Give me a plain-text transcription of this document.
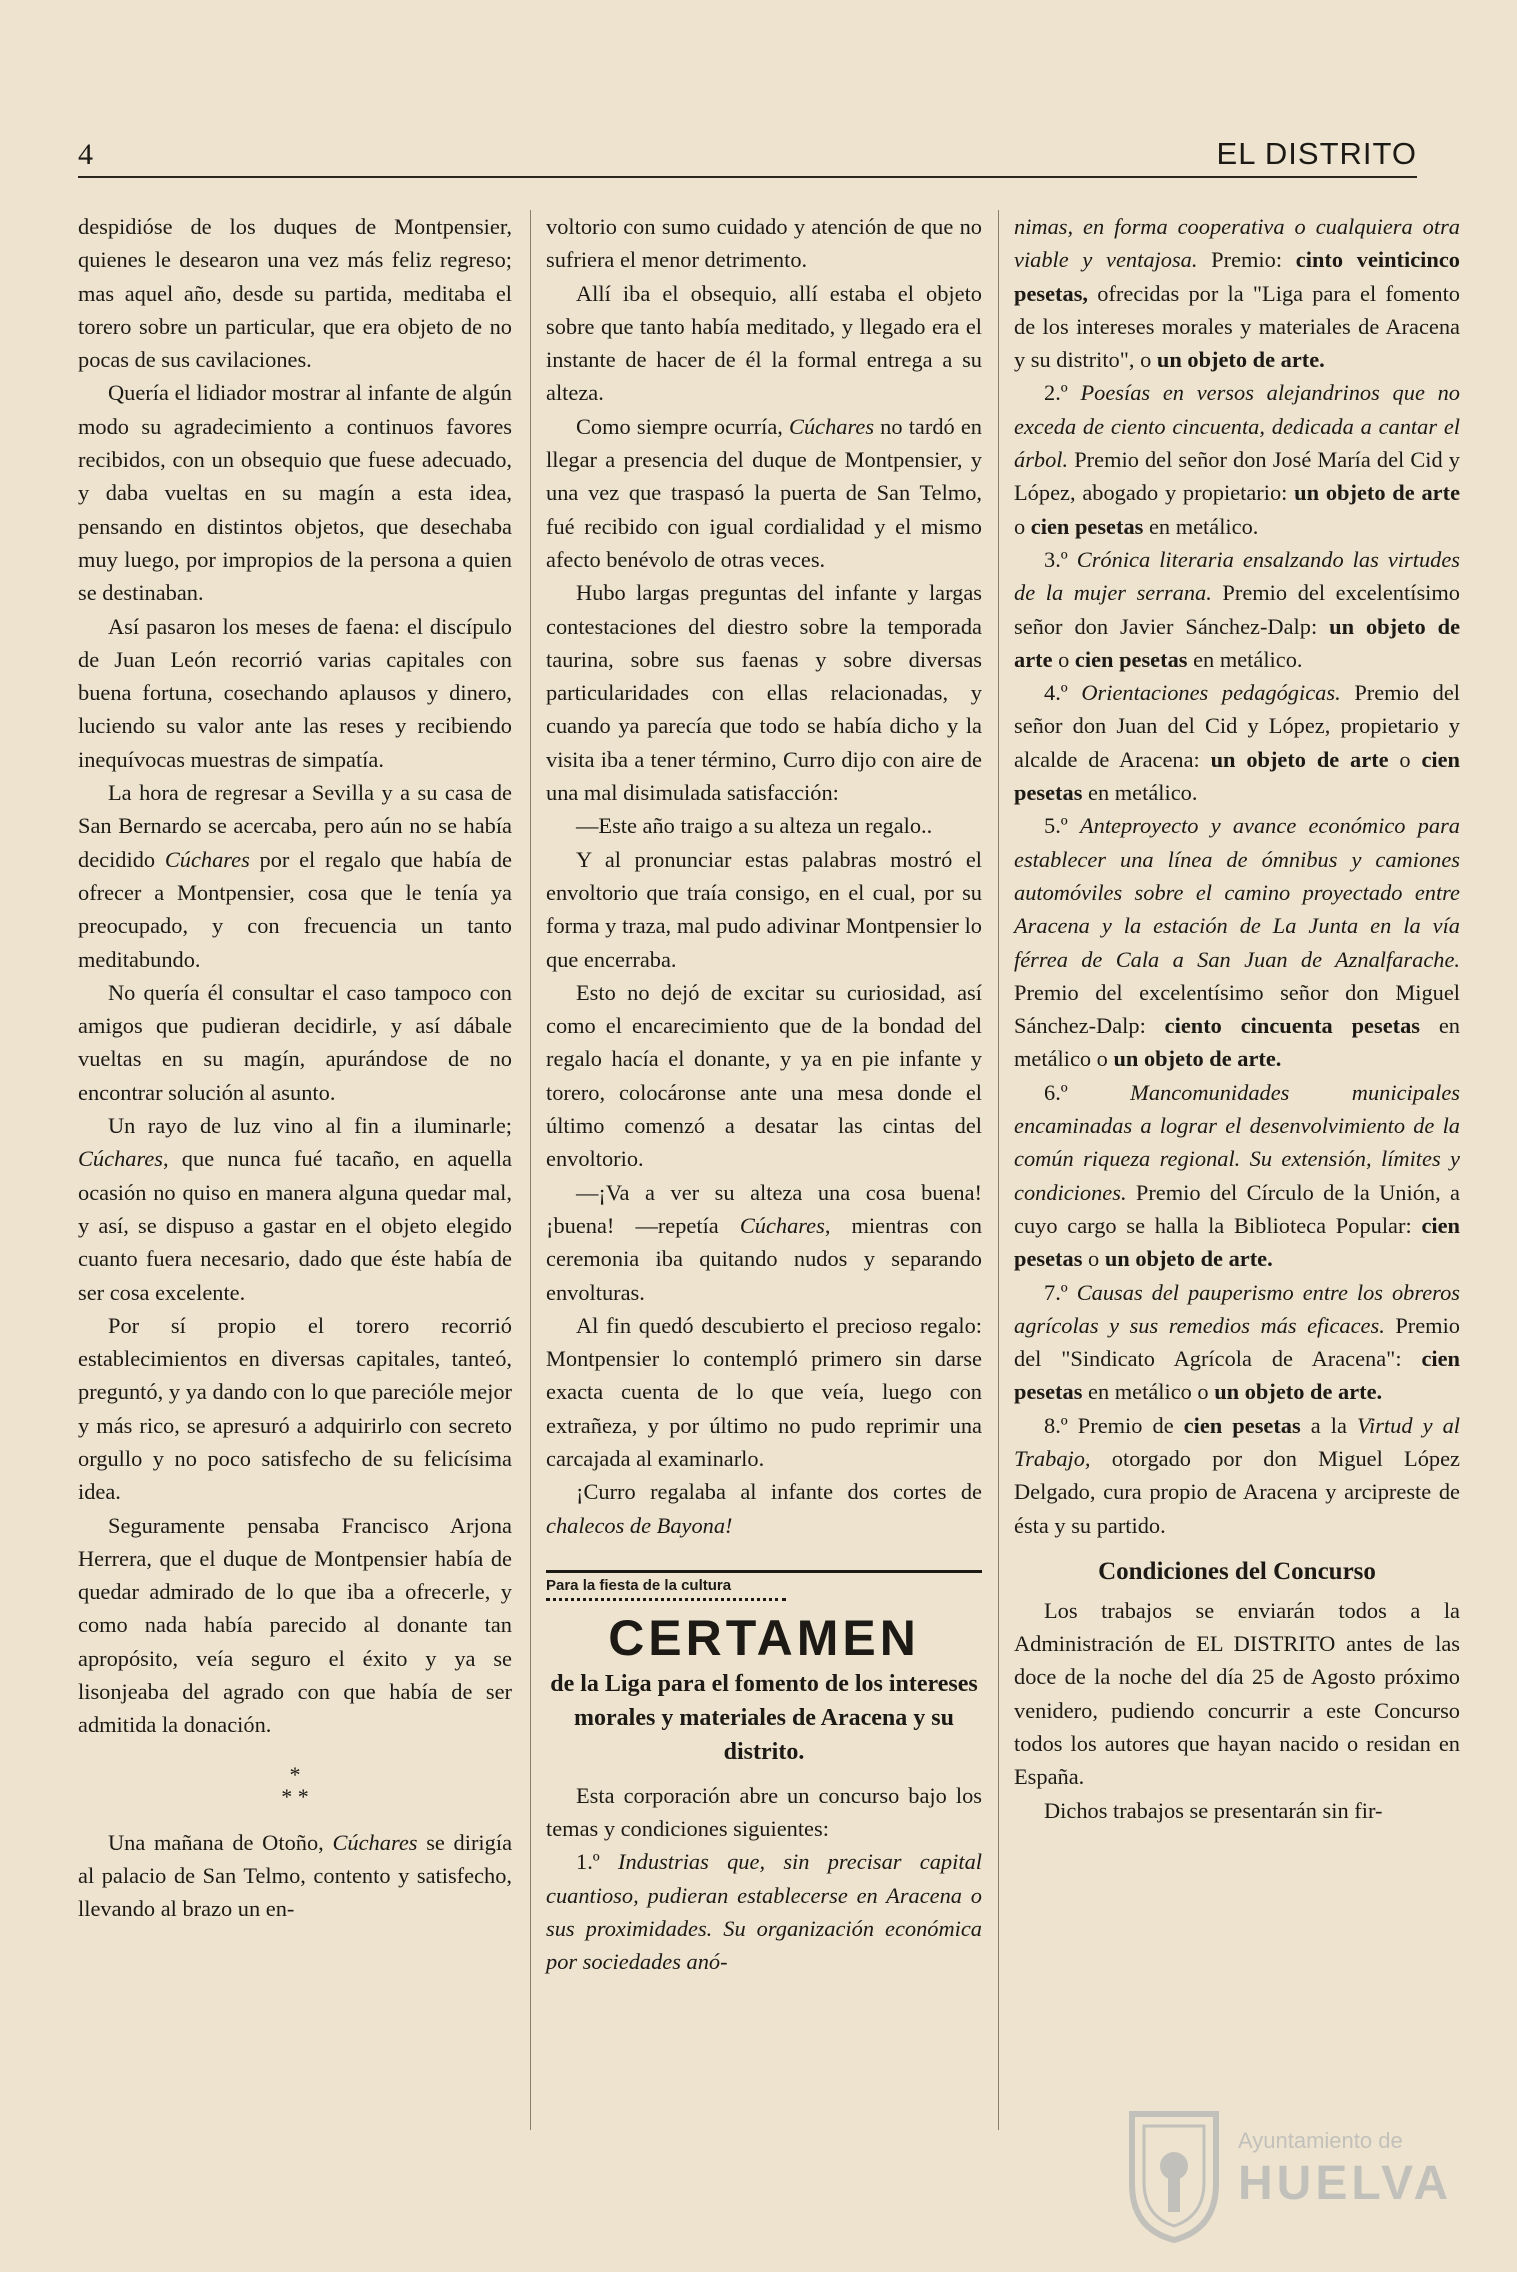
4	EL DISTRITO

despidióse de los duques de Montpensier, quienes le desearon una vez más feliz regreso; mas aquel año, desde su partida, meditaba el torero sobre un particular, que era objeto de no pocas de sus cavilaciones.

Quería el lidiador mostrar al infante de algún modo su agradecimiento a continuos favores recibidos, con un obsequio que fuese adecuado, y daba vueltas en su magín a esta idea, pensando en distintos objetos, que desechaba muy luego, por impropios de la persona a quien se destinaban.

Así pasaron los meses de faena: el discípulo de Juan León recorrió varias capitales con buena fortuna, cosechando aplausos y dinero, luciendo su valor ante las reses y recibiendo inequívocas muestras de simpatía.

La hora de regresar a Sevilla y a su casa de San Bernardo se acercaba, pero aún no se había decidido Cúchares por el regalo que había de ofrecer a Montpensier, cosa que le tenía ya preocupado, y con frecuencia un tanto meditabundo.

No quería él consultar el caso tampoco con amigos que pudieran decidirle, y así dábale vueltas en su magín, apurándose de no encontrar solución al asunto.

Un rayo de luz vino al fin a iluminarle; Cúchares, que nunca fué tacaño, en aquella ocasión no quiso en manera alguna quedar mal, y así, se dispuso a gastar en el objeto elegido cuanto fuera necesario, dado que éste había de ser cosa excelente.

Por sí propio el torero recorrió establecimientos en diversas capitales, tanteó, preguntó, y ya dando con lo que parecióle mejor y más rico, se apresuró a adquirirlo con secreto orgullo y no poco satisfecho de su felicísima idea.

Seguramente pensaba Francisco Arjona Herrera, que el duque de Montpensier había de quedar admirado de lo que iba a ofrecerle, y como nada había parecido al donante tan apropósito, veía seguro el éxito y ya se lisonjeaba del agrado con que había de ser admitida la donación.

*
* *

Una mañana de Otoño, Cúchares se dirigía al palacio de San Telmo, contento y satisfecho, llevando al brazo un en-

voltorio con sumo cuidado y atención de que no sufriera el menor detrimento.

Allí iba el obsequio, allí estaba el objeto sobre que tanto había meditado, y llegado era el instante de hacer de él la formal entrega a su alteza.

Como siempre ocurría, Cúchares no tardó en llegar a presencia del duque de Montpensier, y una vez que traspasó la puerta de San Telmo, fué recibido con igual cordialidad y el mismo afecto benévolo de otras veces.

Hubo largas preguntas del infante y largas contestaciones del diestro sobre la temporada taurina, sobre sus faenas y sobre diversas particularidades con ellas relacionadas, y cuando ya parecía que todo se había dicho y la visita iba a tener término, Curro dijo con aire de una mal disimulada satisfacción:

—Este año traigo a su alteza un regalo..

Y al pronunciar estas palabras mostró el envoltorio que traía consigo, en el cual, por su forma y traza, mal pudo adivinar Montpensier lo que encerraba.

Esto no dejó de excitar su curiosidad, así como el encarecimiento que de la bondad del regalo hacía el donante, y ya en pie infante y torero, colocáronse ante una mesa donde el último comenzó a desatar las cintas del envoltorio.

—¡Va a ver su alteza una cosa buena! ¡buena! —repetía Cúchares, mientras con ceremonia iba quitando nudos y separando envolturas.

Al fin quedó descubierto el precioso regalo: Montpensier lo contempló primero sin darse exacta cuenta de lo que veía, luego con extrañeza, y por último no pudo reprimir una carcajada al examinarlo.

¡Curro regalaba al infante dos cortes de chalecos de Bayona!

Para la fiesta de la cultura
CERTAMEN
de la Liga para el fomento de los intereses morales y materiales de Aracena y su distrito.

Esta corporación abre un concurso bajo los temas y condiciones siguientes:

1.º Industrias que, sin precisar capital cuantioso, pudieran establecerse en Aracena o sus proximidades. Su organización económica por sociedades anó-

nimas, en forma cooperativa o cualquiera otra viable y ventajosa. Premio: cinto veinticinco pesetas, ofrecidas por la "Liga para el fomento de los intereses morales y materiales de Aracena y su distrito", o un objeto de arte.

2.º Poesías en versos alejandrinos que no exceda de ciento cincuenta, dedicada a cantar el árbol. Premio del señor don José María del Cid y López, abogado y propietario: un objeto de arte o cien pesetas en metálico.

3.º Crónica literaria ensalzando las virtudes de la mujer serrana. Premio del excelentísimo señor don Javier Sánchez-Dalp: un objeto de arte o cien pesetas en metálico.

4.º Orientaciones pedagógicas. Premio del señor don Juan del Cid y López, propietario y alcalde de Aracena: un objeto de arte o cien pesetas en metálico.

5.º Anteproyecto y avance económico para establecer una línea de ómnibus y camiones automóviles sobre el camino proyectado entre Aracena y la estación de La Junta en la vía férrea de Cala a San Juan de Aznalfarache. Premio del excelentísimo señor don Miguel Sánchez-Dalp: ciento cincuenta pesetas en metálico o un objeto de arte.

6.º Mancomunidades municipales encaminadas a lograr el desenvolvimiento de la común riqueza regional. Su extensión, límites y condiciones. Premio del Círculo de la Unión, a cuyo cargo se halla la Biblioteca Popular: cien pesetas o un objeto de arte.

7.º Causas del pauperismo entre los obreros agrícolas y sus remedios más eficaces. Premio del "Sindicato Agrícola de Aracena": cien pesetas en metálico o un objeto de arte.

8.º Premio de cien pesetas a la Virtud y al Trabajo, otorgado por don Miguel López Delgado, cura propio de Aracena y arcipreste de ésta y su partido.

Condiciones del Concurso

Los trabajos se enviarán todos a la Administración de EL DISTRITO antes de las doce de la noche del día 25 de Agosto próximo venidero, pudiendo concurrir a este Concurso todos los autores que hayan nacido o residan en España.

Dichos trabajos se presentarán sin fir-

Ayuntamiento de
HUELVA
